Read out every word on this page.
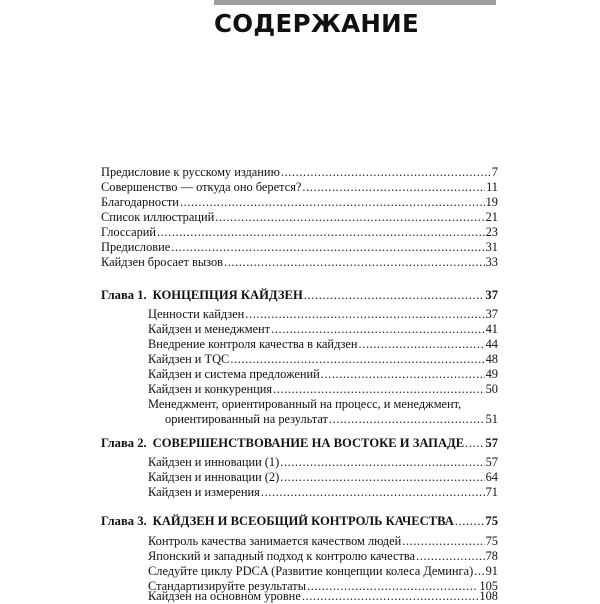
СОДЕРЖАНИЕ
Предисловие к русскому изданию .....	7
Совершенство — откуда оно берется? .....	11
Благодарности .....	19
Список иллюстраций .....	21
Глоссарий .....	23
Предисловие .....	31
Кайдзен бросает вызов .....	33
Глава 1. КОНЦЕПЦИЯ КАЙДЗЕН .....	37
Ценности кайдзен .....	37
Кайдзен и менеджмент .....	41
Внедрение контроля качества в кайдзен .....	44
Кайдзен и TQC .....	48
Кайдзен и система предложений .....	49
Кайдзен и конкуренция .....	50
Менеджмент, ориентированный на процесс, и менеджмент,
ориентированный на результат .....	51
Глава 2. СОВЕРШЕНСТВОВАНИЕ НА ВОСТОКЕ И ЗАПАДЕ ..... 57
Кайдзен и инновации (1) .....	57
Кайдзен и инновации (2) .....	64
Кайдзен и измерения .....	71
Глава 3. КАЙДЗЕН И ВСЕОБЩИЙ КОНТРОЛЬ КАЧЕСТВА .....	75
Контроль качества занимается качеством людей .....	75
Японский и западный подход к контролю качества .....	78
Следуйте циклу PDCA (Развитие концепции колеса Деминга) ..... 91
Стандартизируйте результаты .....	105
Кайдзен на основном уровне .....	108
